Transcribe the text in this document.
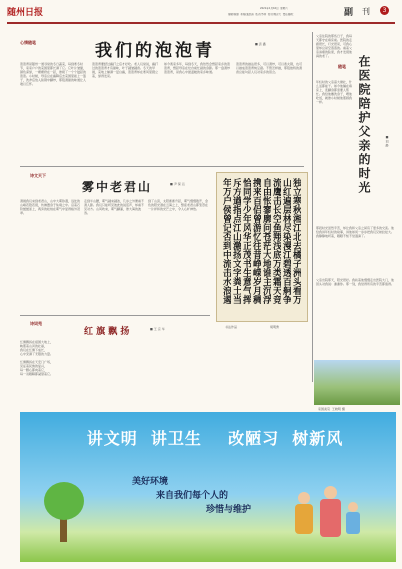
随州日报	编辑/陈丽  美编/龚钦霞  版式/苏菲  校对/周远大  责任编辑：
2021年1月16日  星期六	副 刊	3
心情随笔	我们的泡泡青	■ 袁 鑫
泡泡青是随州一道寻常的冬日蔬菜，每到寒冬时节，家家户户的菜园里都长满了它。它叶片皱缩，颜色深绿，一棵棵挤在一起，像极了一个个鼓起的泡泡。小时候，母亲总在霜降后去菜园里拔上一篮子，洗净后放入铁锅中翻炒，那股清甜的味道让人难以忘怀。
泡泡青要经过霜打之后才好吃。老人们常说，霜打过的泡泡青才有甜味，叶子越皱越香。冬天的早晨，菜地上铺满一层白霜，泡泡青却在寒风里挺立着，绿得发亮。
如今离家多年，每到冬天，我依然会想起家乡的泡泡青，想起母亲在灶台前忙碌的身影。那一盘清炒泡泡青，是我心中最温暖的家乡味道。
泡泡青的做法很多，可以清炒，可以煮火锅，也可以做成泡泡青炖豆腐。不管怎样做，那股独特的清香总能勾起人们对家乡的思念。
诗文天下
雾中老君山	■ 尹 保 运
清晨我们来到老君山，山中大雾弥漫，远处的山峰若隐若现，仿佛置身于仙境之中。沿着石阶缓缓而上，两旁的松柏在雾气中显得格外苍翠。
走到半山腰，雾气越来越浓，几步之外便看不清人影。我们只能听见彼此的说话声，却看不见对方。山风吹来，雾气翻涌，像大海的波涛。
到了山顶，太阳渐渐升起，雾气慢慢散开，金色的阳光洒在云海之上，整座老君山都笼罩在一片祥和的光芒之中，令人心旷神怡。
诗词苑
红 旗 飘 扬	■ 王 宗 华
红旗飘扬在祖国大地上，
映照着山河的壮丽，
我们在红旗下成长，
心中充满了无限的力量。

红旗飘扬在天安门广场，
见证着民族的复兴，
每一颗心都向着它，
每一双眼睛都凝望着它。
独立寒秋湘江北去橘子洲头看万
山红遍层林尽染漫江碧透百舸争
流鹰击长空鱼翔浅底万类霜天竞
自由怅寥廓问苍茫大地谁主沉浮
携来百侣曾游忆往昔峥嵘岁月稠
恰同学少年风华正茂书生意气挥
斥方遒指点江山激扬文字粪土当
年万户侯曾记否到中流击水浪遏
书法作品	胡明勇
随笔 在医院陪护父亲的时光	■ 刘 静
父亲住院的那些日子，我每天都守在病床前。医院的走廊很长，灯光很亮，可我心里却总是空落落的。看着父亲消瘦的脸庞，我才发现他真的老了。
年轻时的父亲高大健壮，什么活都能干。如今他躺在病床上，连翻身都需要人帮忙。我给他擦洗身子，喂他吃饭，就像小时候他照顾我一样。
那段时光虽然辛苦，却让我和父亲之间有了更多的交流。他给我讲年轻时的故事，讲他如何一步步把我们兄妹拉扯大。我静静地听着，眼眶不知不觉湿润了。
父亲出院那天，阳光很好。我扶着他慢慢走出医院大门，他回头对我说：谢谢你。那一刻，我觉得所有的辛苦都值得。
家园美景  王晓明 摄
讲文明  讲卫生    改陋习  树新风
美好环境
来自我们每个人的
珍惜与维护
